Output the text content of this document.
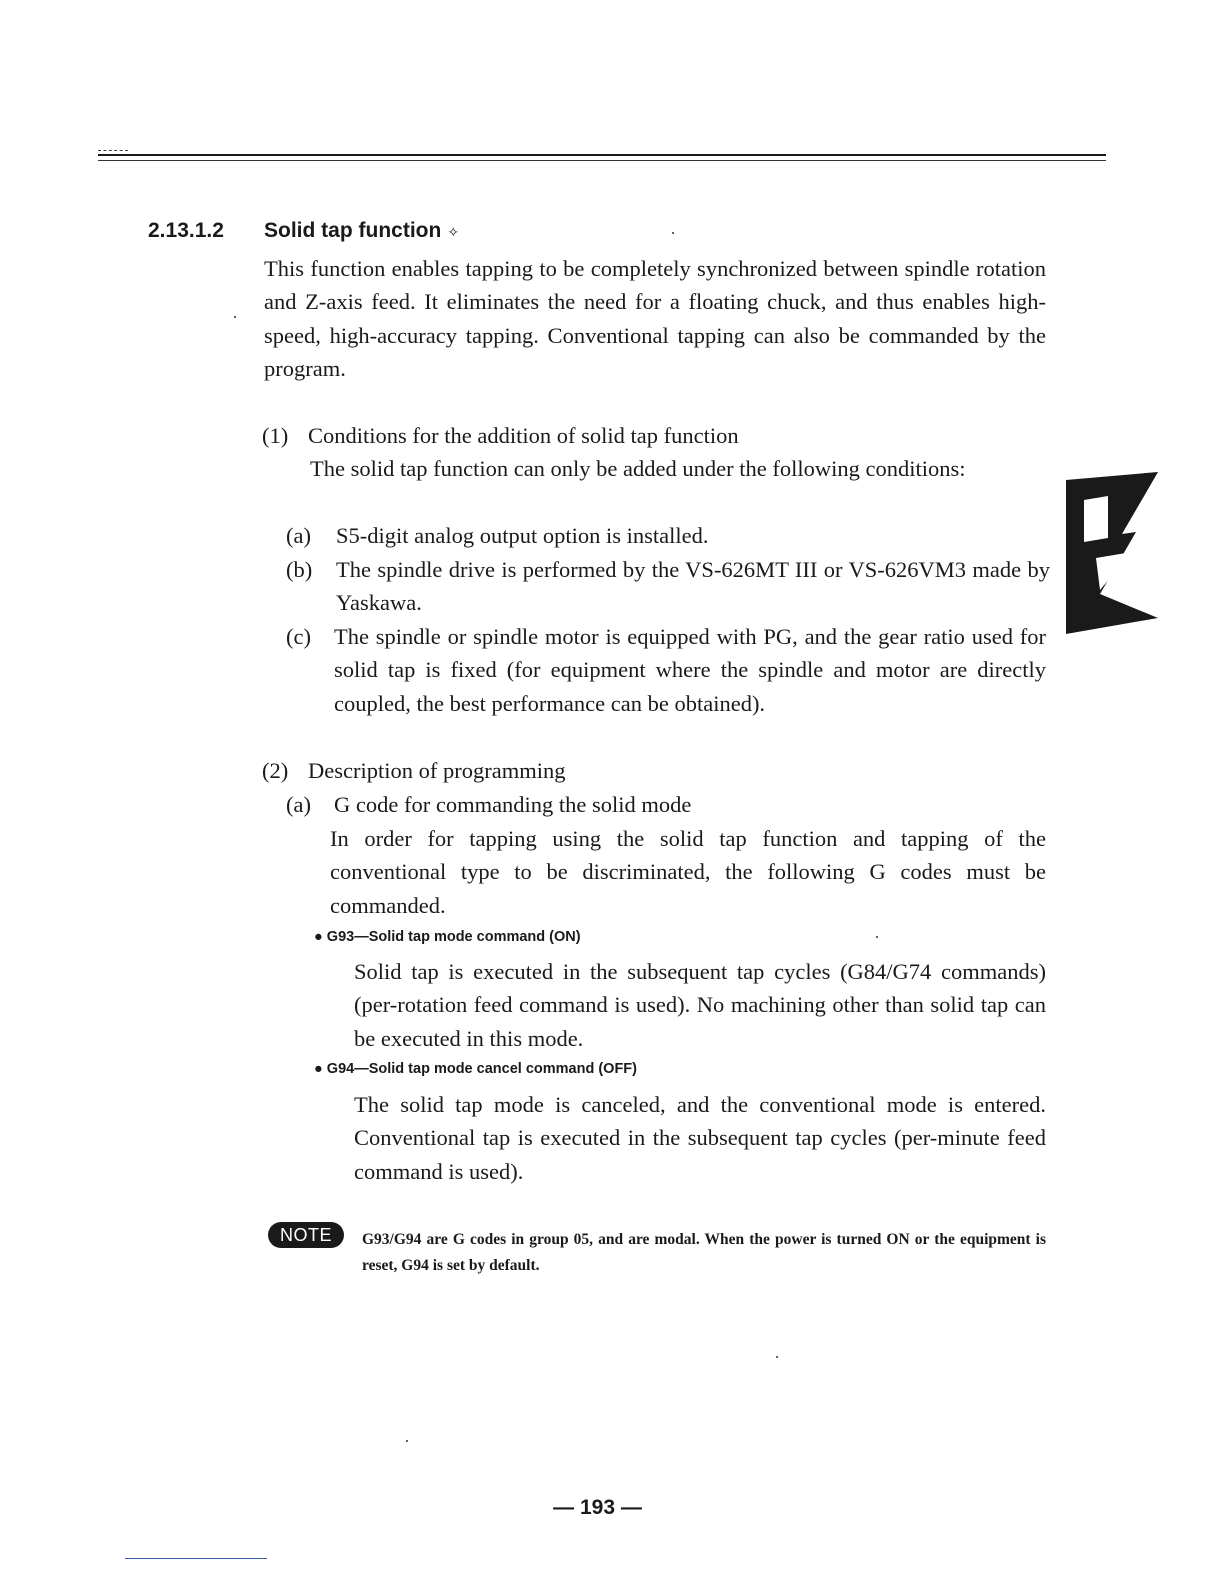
2.13.1.2 Solid tap function ✧
This function enables tapping to be completely synchronized between spindle rotation and Z-axis feed. It eliminates the need for a floating chuck, and thus enables high-speed, high-accuracy tapping. Conventional tapping can also be commanded by the program.
(1) Conditions for the addition of solid tap function
The solid tap function can only be added under the following conditions:
(a) S5-digit analog output option is installed.
(b) The spindle drive is performed by the VS-626MT III or VS-626VM3 made by Yaskawa.
(c) The spindle or spindle motor is equipped with PG, and the gear ratio used for solid tap is fixed (for equipment where the spindle and motor are directly coupled, the best performance can be obtained).
(2) Description of programming
(a) G code for commanding the solid mode
In order for tapping using the solid tap function and tapping of the conventional type to be discriminated, the following G codes must be commanded.
● G93—Solid tap mode command (ON)
Solid tap is executed in the subsequent tap cycles (G84/G74 commands) (per-rotation feed command is used). No machining other than solid tap can be executed in this mode.
● G94—Solid tap mode cancel command (OFF)
The solid tap mode is canceled, and the conventional mode is entered. Conventional tap is executed in the subsequent tap cycles (per-minute feed command is used).
NOTE	G93/G94 are G codes in group 05, and are modal. When the power is turned ON or the equipment is reset, G94 is set by default.
— 193 —
